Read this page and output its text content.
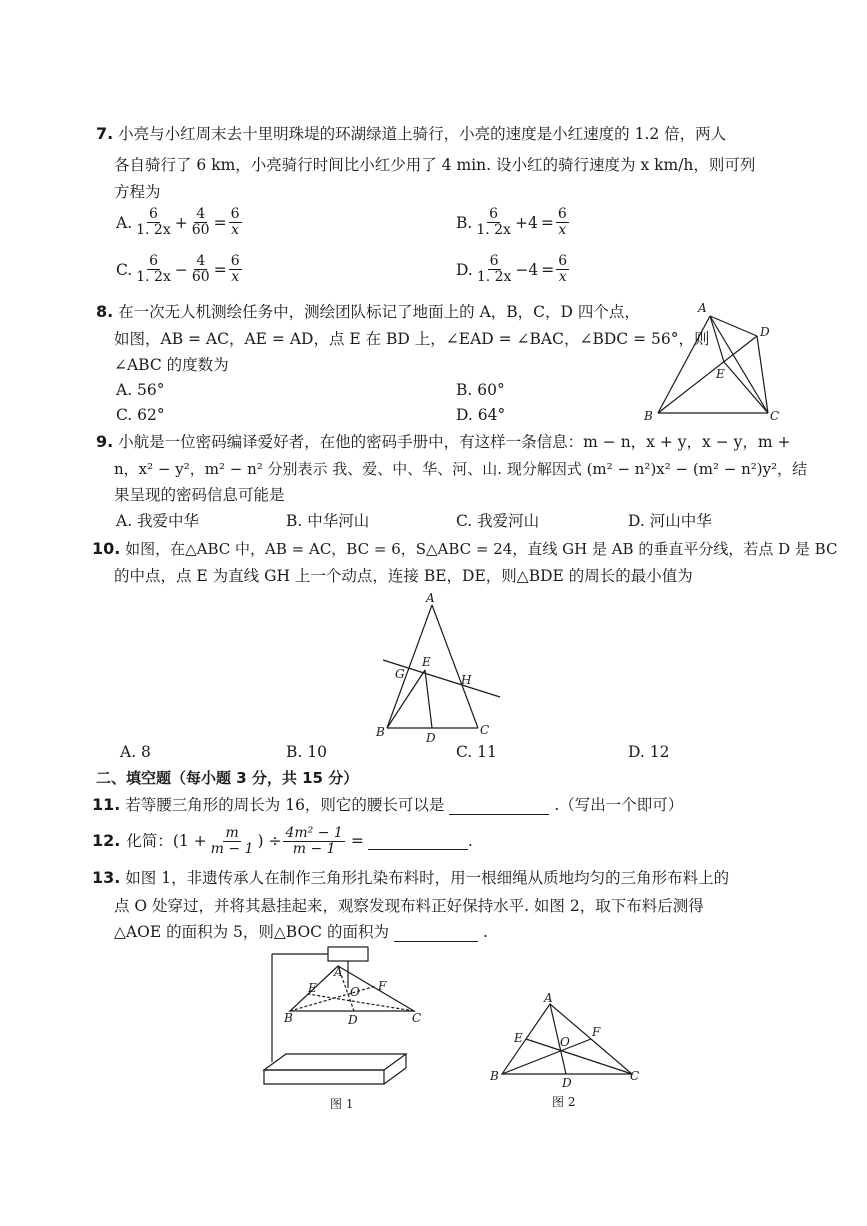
7. 小亮与小红周末去十里明珠堤的环湖绿道上骑行，小亮的速度是小红速度的 1.2 倍，两人
各自骑行了 6 km，小亮骑行时间比小红少用了 4 min. 设小红的骑行速度为 x km/h，则可列
方程为
A. $\frac{6}{1. 2x} + \frac{4}{60} = \frac{6}{x}$	B. $\frac{6}{1. 2x} +4 = \frac{6}{x}$
C. $\frac{6}{1. 2x} - \frac{4}{60} = \frac{6}{x}$	D. $\frac{6}{1. 2x} -4 = \frac{6}{x}$
8. 在一次无人机测绘任务中，测绘团队标记了地面上的 A，B，C，D 四个点，
如图，AB = AC，AE = AD，点 E 在 BD 上，∠EAD = ∠BAC，∠BDC = 56°，则
∠ABC 的度数为
A. 56°	B. 60°
C. 62°	D. 64°
A
D
E
B	C
9. 小航是一位密码编译爱好者，在他的密码手册中，有这样一条信息：m − n，x + y，x − y，m +
n，x² − y²，m² − n² 分别表示 我、爱、中、华、河、山. 现分解因式 (m² − n²)x² − (m² − n²)y²，结
果呈现的密码信息可能是
A. 我爱中华	B. 中华河山	C. 我爱河山	D. 河山中华
10. 如图，在△ABC 中，AB = AC，BC = 6，S△ABC = 24，直线 GH 是 AB 的垂直平分线，若点 D 是 BC
的中点，点 E 为直线 GH 上一个动点，连接 BE，DE，则△BDE 的周长的最小值为
A
E
G	H
B	D
C
A. 8	B. 10	C. 11	D. 12
二、填空题（每小题 3 分，共 15 分）
11. 若等腰三角形的周长为 16，则它的腰长可以是	.（写出一个即可）
12. 化简：($1 + \frac{m}{m - 1}$ ) ÷ $\frac{\text{4m² − 1}}{m - 1}$ =	.
13. 如图 1，非遗传承人在制作三角形扎染布料时，用一根细绳从质地均匀的三角形布料上的
点 O 处穿过，并将其悬挂起来，观察发现布料正好保持水平. 如图 2，取下布料后测得
△AOE 的面积为 5，则△BOC 的面积为	.
A
E	O F
B	D	C
图 1
A
E	O
F
B	D	C
图 2
